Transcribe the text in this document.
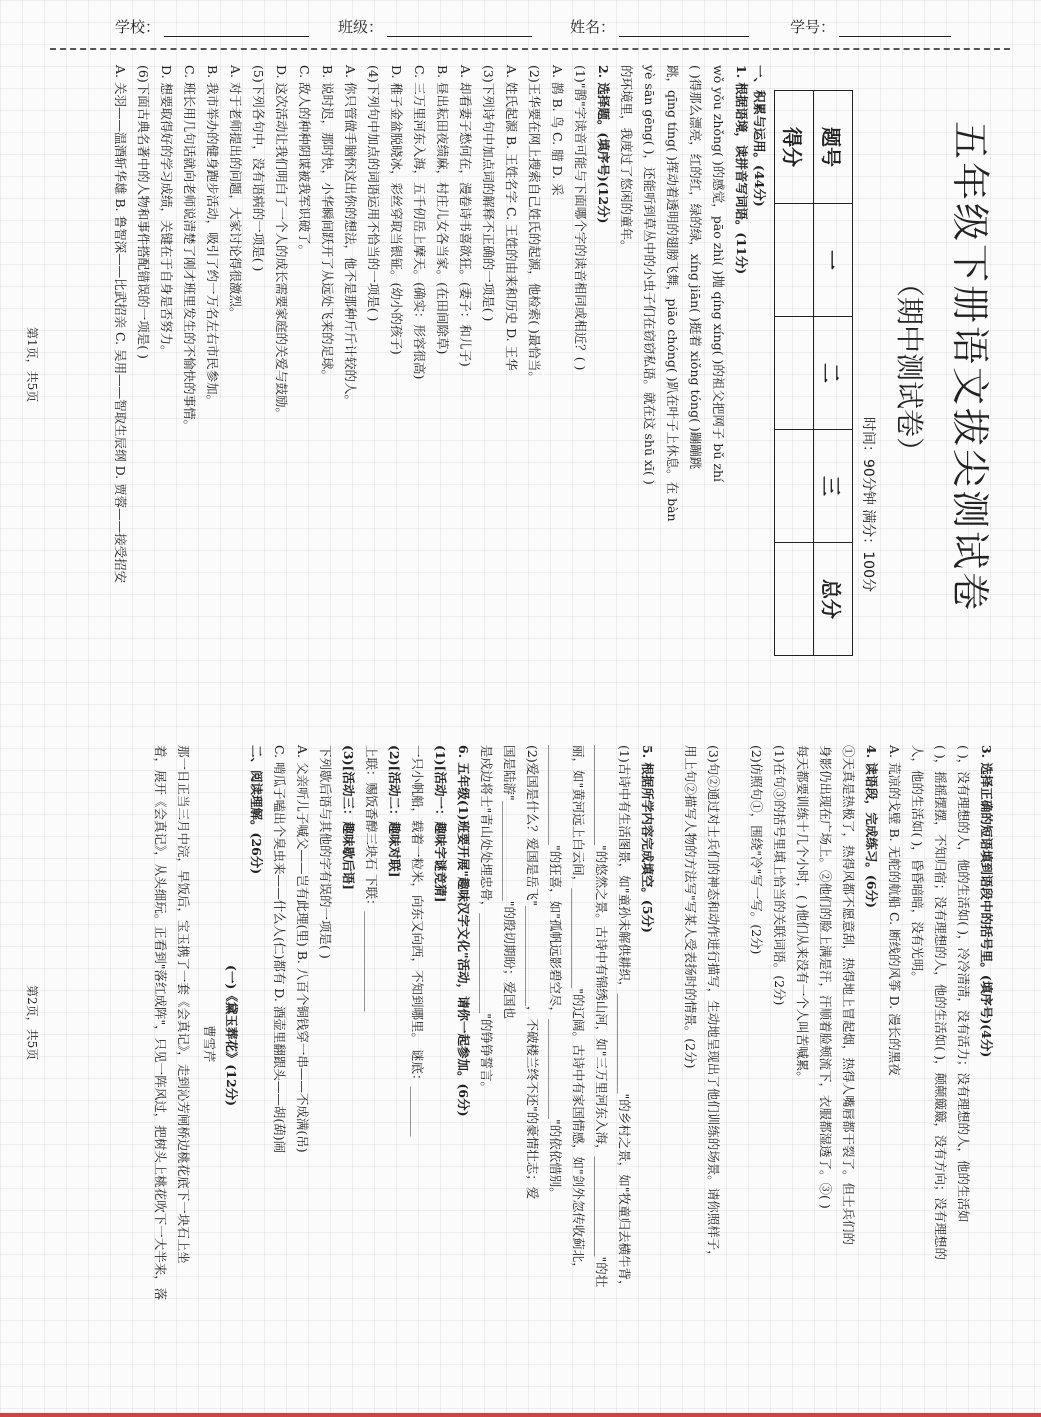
学校：	班级：	姓名：	学号：
五年级下册语文拔尖测试卷
（期中测试卷）
时间：90分钟 满分：100分
题号	一	二	三	总分
得分				
一、积累与运用。(44分)
1. 根据语境，读拼音写词语。(11分)
wǒ yǒu zhǒng( )的感觉，pāo zhì( )抛 qíng xíng( )的祖父把网子 bǔ zhí
( )得那么漂亮，红的红，绿的绿，xíng jiān( )挺着 xiǒng tóng( )蹦蹦跳
跳，qīng tíng( )挥动着透明的翅膀飞舞，piāo chóng( )趴在叶子上休息。在 bàn
yè sān gēng( )，还能听到草丛中的小虫子们在窃窃私语。就在这 shū xī( )
的环境里，我度过了悠闲的童年。
2. 选择题。(填序号)(12分)
(1)"鹊"字读音可能与下面哪个字的读音相同或相近？( )
A. 鹊 B. 鸟 C. 腊 D. 采
(2)王华要在网上搜索自己姓氏的起源，他检索( )最恰当。
A. 姓氏起源 B. 王姓名字 C. 王姓的由来和历史 D. 王华
(3)下列诗句中加点词的解释不正确的一项是( )
A. 却看妻子愁何在，漫卷诗书喜欲狂。(妻子：和儿子)
B. 昼出耘田夜绩麻，村庄儿女各当家。(在田间除草)
C. 三万里河东入海，五千仞岳上摩天。(确实：形容很高)
D. 稚子金盆脱晓冰，彩丝穿取当银钲。(幼小的孩子)
(4)下列句中加点的词语运用不恰当的一项是( )
A. 你只管做手脑怀这出你的想法，他不是那种斤斤计较的人。
B. 说时迟，那时快，小华瞬间跃开了从远处飞来的足球。
C. 敌人的种种阴谋被我军识破了。
D. 这次活动让我们明白了一个人的成长需要家庭的关爱与鼓励。
(5)下列各句中，没有语病的一项是( )
A. 对于老师提出的问题，大家讨论得很激烈。
B. 我市举办的健身跑步活动，吸引了约一万名左右市民参加。
C. 班长用几句话就向老师说清楚了刚才班里发生的不愉快的事情。
D. 想要取得好的学习成绩，关键在于自身是否努力。
(6)下面古典名著中的人物和事件搭配错误的一项是( )
A. 关羽——温酒斩华雄 B. 鲁智深——比武招亲 C. 吴用——智取生辰纲 D. 贾蓉——接受招安
第1页，共5页
3. 选择正确的短语填到语段中的括号里。(填序号)(4分)
( )，没有理想的人，他的生活如( )，冷冷清清，没有活力；没有理想的人，他的生活如
( )，摇摇摆摆，不知归宿；没有理想的人，他的生活如( )，颠颠簸簸，没有方向；没有理想的
人，他的生活如( )，昏昏暗暗，没有光明。
A. 荒凉的戈壁 B. 无舵的航船 C. 断线的风筝 D. 漫长的黑夜
4. 读语段，完成练习。(6分)
①天真是热极了，热得风都不愿意刮，热得地上冒起烟，热得人嘴唇都干裂了。但士兵们的
身影仍出现在广场上。②他们的脸上满是汗，汗顺着脸颊流下，衣服都湿透了。③( )
每天都要训练十几个小时，( )他们从来没有一个人叫苦喊累。
(1)在句③的括号里填上恰当的关联词语。(2分)
(2)仿照句①，围绕"冷"写一写。(2分)
(3)句②通过对士兵们的神态和动作进行描写，生动地呈现出了他们训练的场景。请你照样子，
用上句②描写人物的方法写"写某人受表扬时的情景。(2分)
5. 根据所学内容完成填空。(5分)
(1)古诗中有生活图景，如"童孙未解供耕织，________________"的乡村之景，如"牧童归去横牛背，
________________"的悠然之景。古诗中有锦绣山河，如"三万里河东入海，________________"的壮
丽，如"黄河远上白云间，________________"的辽阔。古诗中有家国情感，如"剑外忽传收蓟北，
________________"的狂喜，如"孤帆远影碧空尽，________________"的依依惜别。
(2)爱国是什么？爱国是岳飞"________________，不破楼兰终不还"的豪情壮志；爱
国是陆游"________________"的殷切期盼；爱国也
是戍边将士"青山处处埋忠骨，________________"的铮铮誓言。
6. 五年级(1)班要开展"趣味汉字文化"活动，请你一起参加。(6分)
(1)[活动一：趣味字谜竞猜]
一只小帆船，载着一粒米，向东又向西，不知到哪里。 谜底：________
(2)[活动二：趣味对联]
上联：赐饭香醇三块石 下联：________________
(3)[活动三：趣味歇后语]
下列歇后语与其他的字有误的一项是( )
A. 父亲听儿子喊父——岂有此理(里) B. 八百个铜钱穿一串——不成满(吊)
C. 啃瓜子嗑出个臭虫来——什么人(仁)都有 D. 酒壶里翻跟头——胡(葫)闹
二、阅读理解。(26分)
(一)《黛玉葬花》(12分)
曹雪芹
那一日正当三月中浣，早饭后，宝玉携了一套《会真记》，走到沁芳闸桥边桃花底下一块石上坐
着，展开《会真记》，从头细玩。正看到"落红成阵"，只见一阵风过，把树头上桃花吹下一大半来，落
第2页，共5页
